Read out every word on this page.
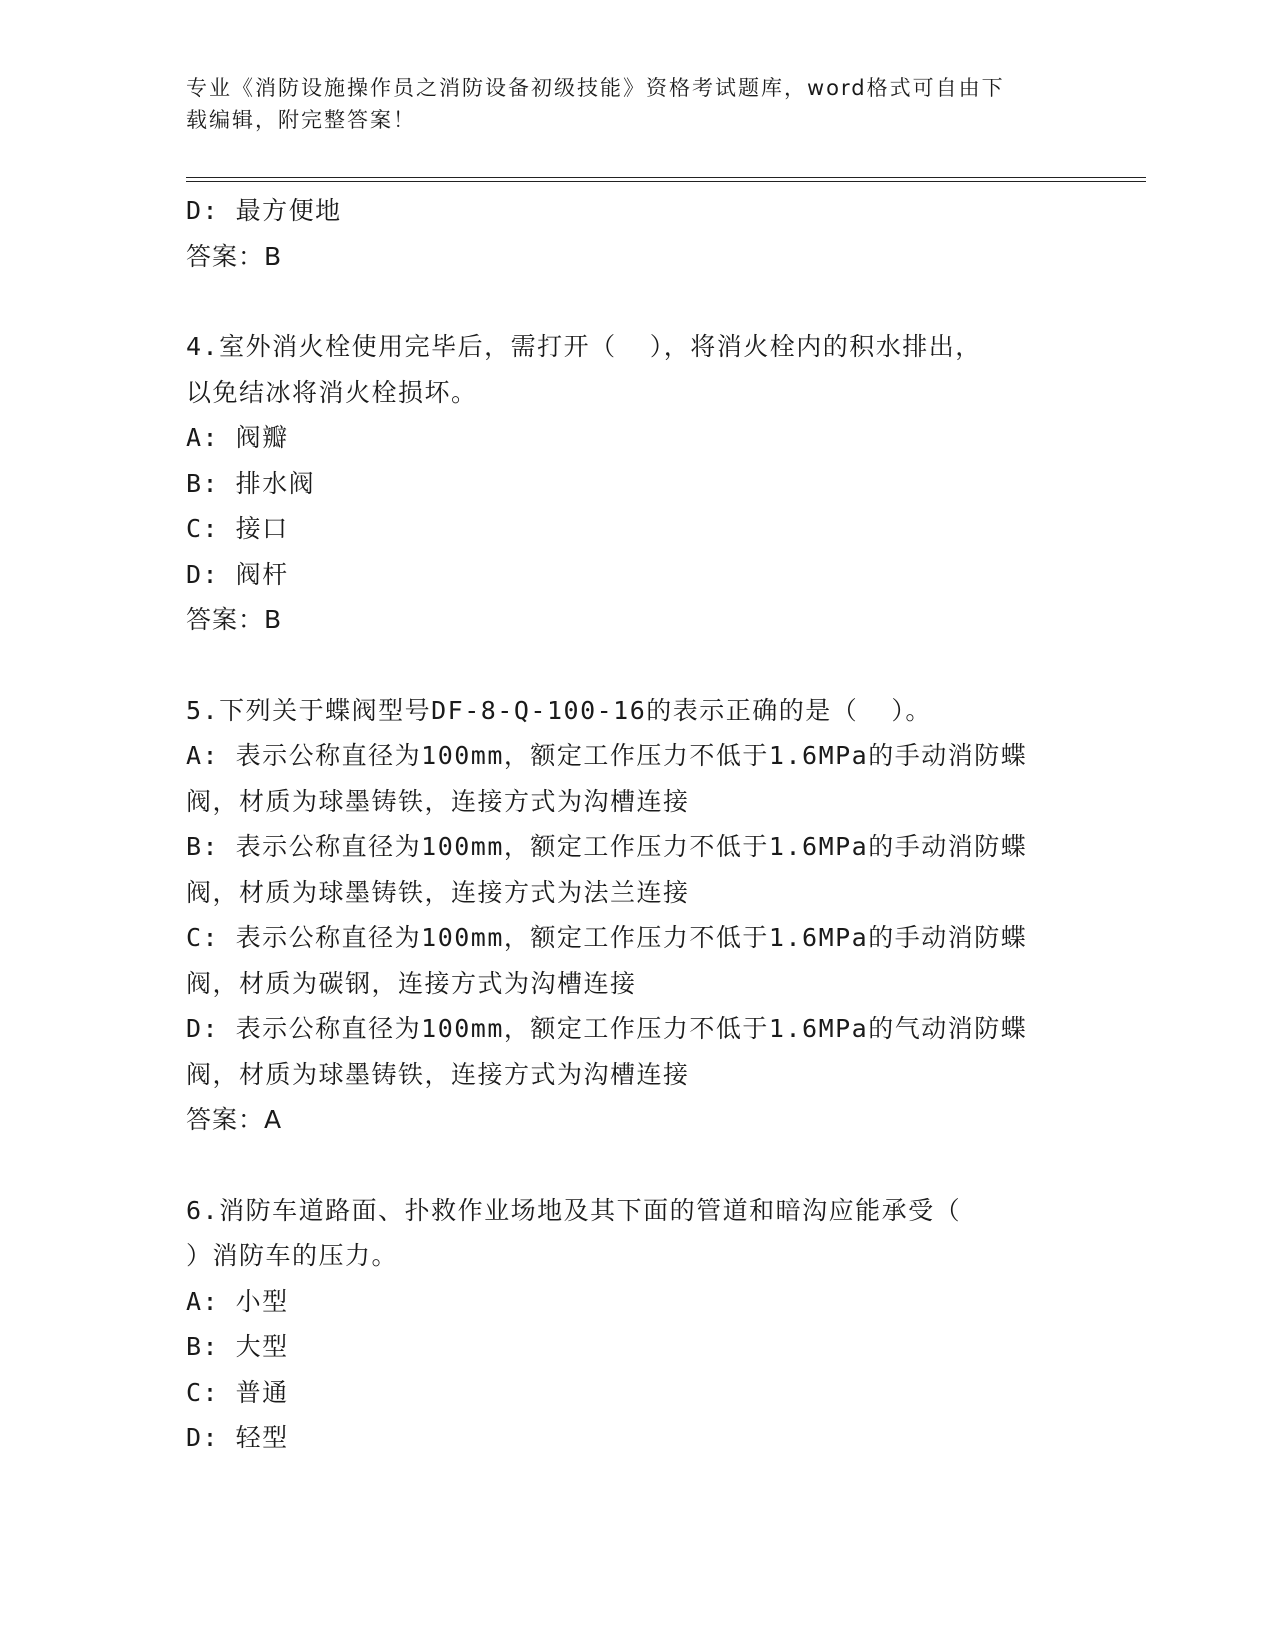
专业《消防设施操作员之消防设备初级技能》资格考试题库，word格式可自由下
载编辑，附完整答案！
D: 最方便地
答案：B
4.室外消火栓使用完毕后，需打开（  ），将消火栓内的积水排出，
以免结冰将消火栓损坏。
A: 阀瓣
B: 排水阀
C: 接口
D: 阀杆
答案：B
5.下列关于蝶阀型号DF-8-Q-100-16的表示正确的是（  ）。
A: 表示公称直径为100mm，额定工作压力不低于1.6MPa的手动消防蝶
阀，材质为球墨铸铁，连接方式为沟槽连接
B: 表示公称直径为100mm，额定工作压力不低于1.6MPa的手动消防蝶
阀，材质为球墨铸铁，连接方式为法兰连接
C: 表示公称直径为100mm，额定工作压力不低于1.6MPa的手动消防蝶
阀，材质为碳钢，连接方式为沟槽连接
D: 表示公称直径为100mm，额定工作压力不低于1.6MPa的气动消防蝶
阀，材质为球墨铸铁，连接方式为沟槽连接
答案：A
6.消防车道路面、扑救作业场地及其下面的管道和暗沟应能承受（
）消防车的压力。
A: 小型
B: 大型
C: 普通
D: 轻型
